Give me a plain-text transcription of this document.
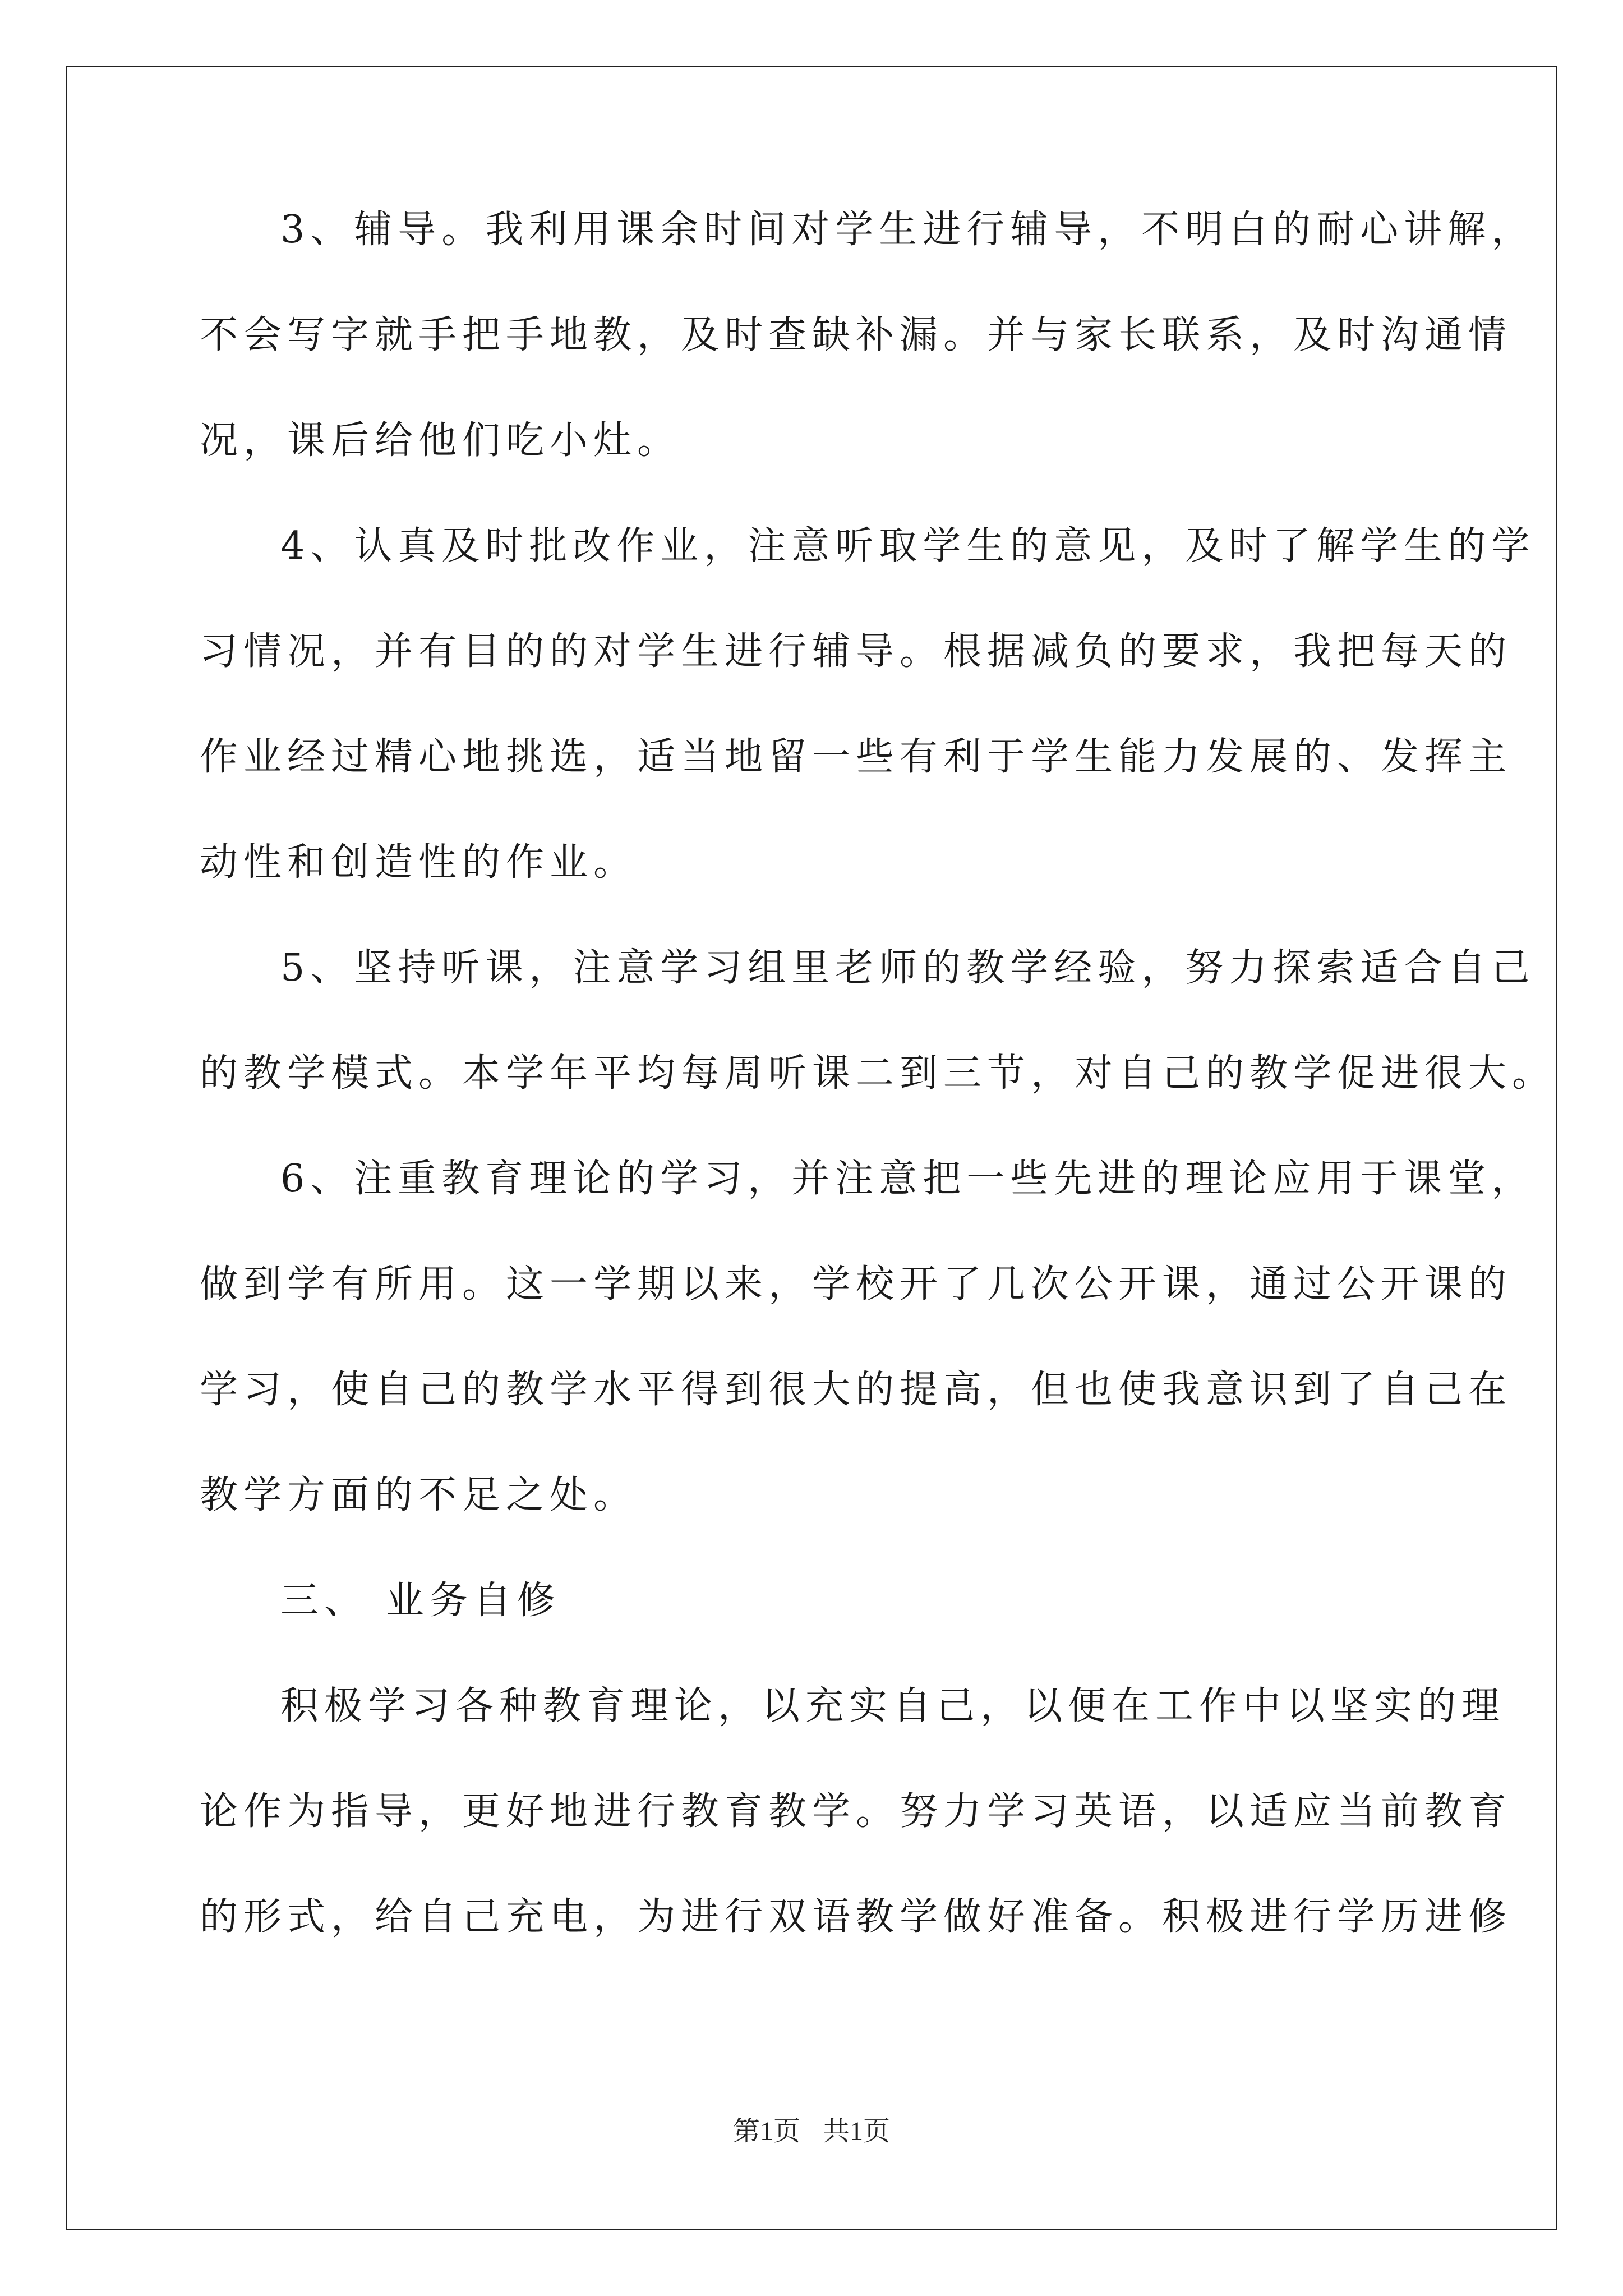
3、辅导。我利用课余时间对学生进行辅导，不明白的耐心讲解，
不会写字就手把手地教，及时查缺补漏。并与家长联系，及时沟通情
况，课后给他们吃小灶。
4、认真及时批改作业，注意听取学生的意见，及时了解学生的学
习情况，并有目的的对学生进行辅导。根据减负的要求，我把每天的
作业经过精心地挑选，适当地留一些有利于学生能力发展的、发挥主
动性和创造性的作业。
5、坚持听课，注意学习组里老师的教学经验，努力探索适合自己
的教学模式。本学年平均每周听课二到三节，对自己的教学促进很大。
6、注重教育理论的学习，并注意把一些先进的理论应用于课堂，
做到学有所用。这一学期以来，学校开了几次公开课，通过公开课的
学习，使自己的教学水平得到很大的提高，但也使我意识到了自己在
教学方面的不足之处。
三、 业务自修
积极学习各种教育理论，以充实自己，以便在工作中以坚实的理
论作为指导，更好地进行教育教学。努力学习英语，以适应当前教育
的形式，给自己充电，为进行双语教学做好准备。积极进行学历进修
第1页 共1页
